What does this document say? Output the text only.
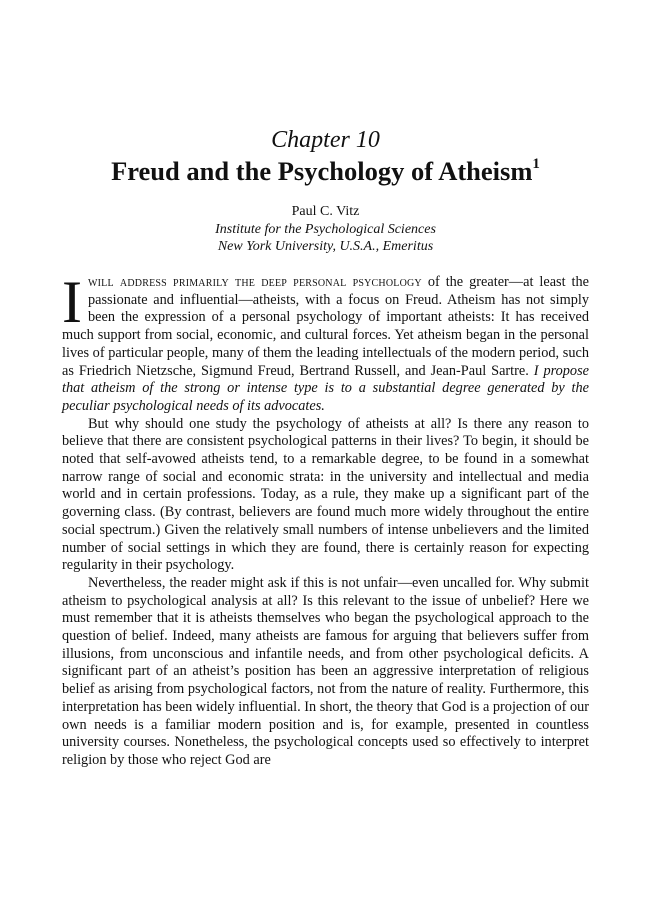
Chapter 10
Freud and the Psychology of Atheism$^1$
Paul C. Vitz
Institute for the Psychological Sciences
New York University, U.S.A., Emeritus

Iwill address primarily the deep personal psychology of the greater—at least the passionate and influential—atheists, with a focus on Freud. Atheism has not simply been the expression of a personal psychology of important atheists: It has received much support from social, economic, and cultural forces. Yet atheism began in the personal lives of particular people, many of them the leading intellectuals of the modern period, such as Friedrich Nietzsche, Sigmund Freud, Bertrand Russell, and Jean-Paul Sartre. I propose that atheism of the strong or intense type is to a substantial degree generated by the peculiar psychological needs of its advocates.

But why should one study the psychology of atheists at all? Is there any reason to believe that there are consistent psychological patterns in their lives? To begin, it should be noted that self-avowed atheists tend, to a remarkable degree, to be found in a somewhat narrow range of social and economic strata: in the university and intellectual and media world and in certain professions. Today, as a rule, they make up a significant part of the governing class. (By contrast, believers are found much more widely throughout the entire social spectrum.) Given the relatively small numbers of intense unbelievers and the limited number of social settings in which they are found, there is certainly reason for expecting regularity in their psychology.

Nevertheless, the reader might ask if this is not unfair—even uncalled for. Why submit atheism to psychological analysis at all? Is this relevant to the issue of unbelief? Here we must remember that it is atheists themselves who began the psychological approach to the question of belief. Indeed, many atheists are famous for arguing that believers suffer from illusions, from unconscious and infantile needs, and from other psychological deficits. A significant part of an atheist’s position has been an aggressive interpretation of religious belief as arising from psychological factors, not from the nature of reality. Furthermore, this interpretation has been widely influential. In short, the theory that God is a projection of our own needs is a familiar modern position and is, for example, presented in countless university courses. Nonetheless, the psychological concepts used so effectively to interpret religion by those who reject God are
